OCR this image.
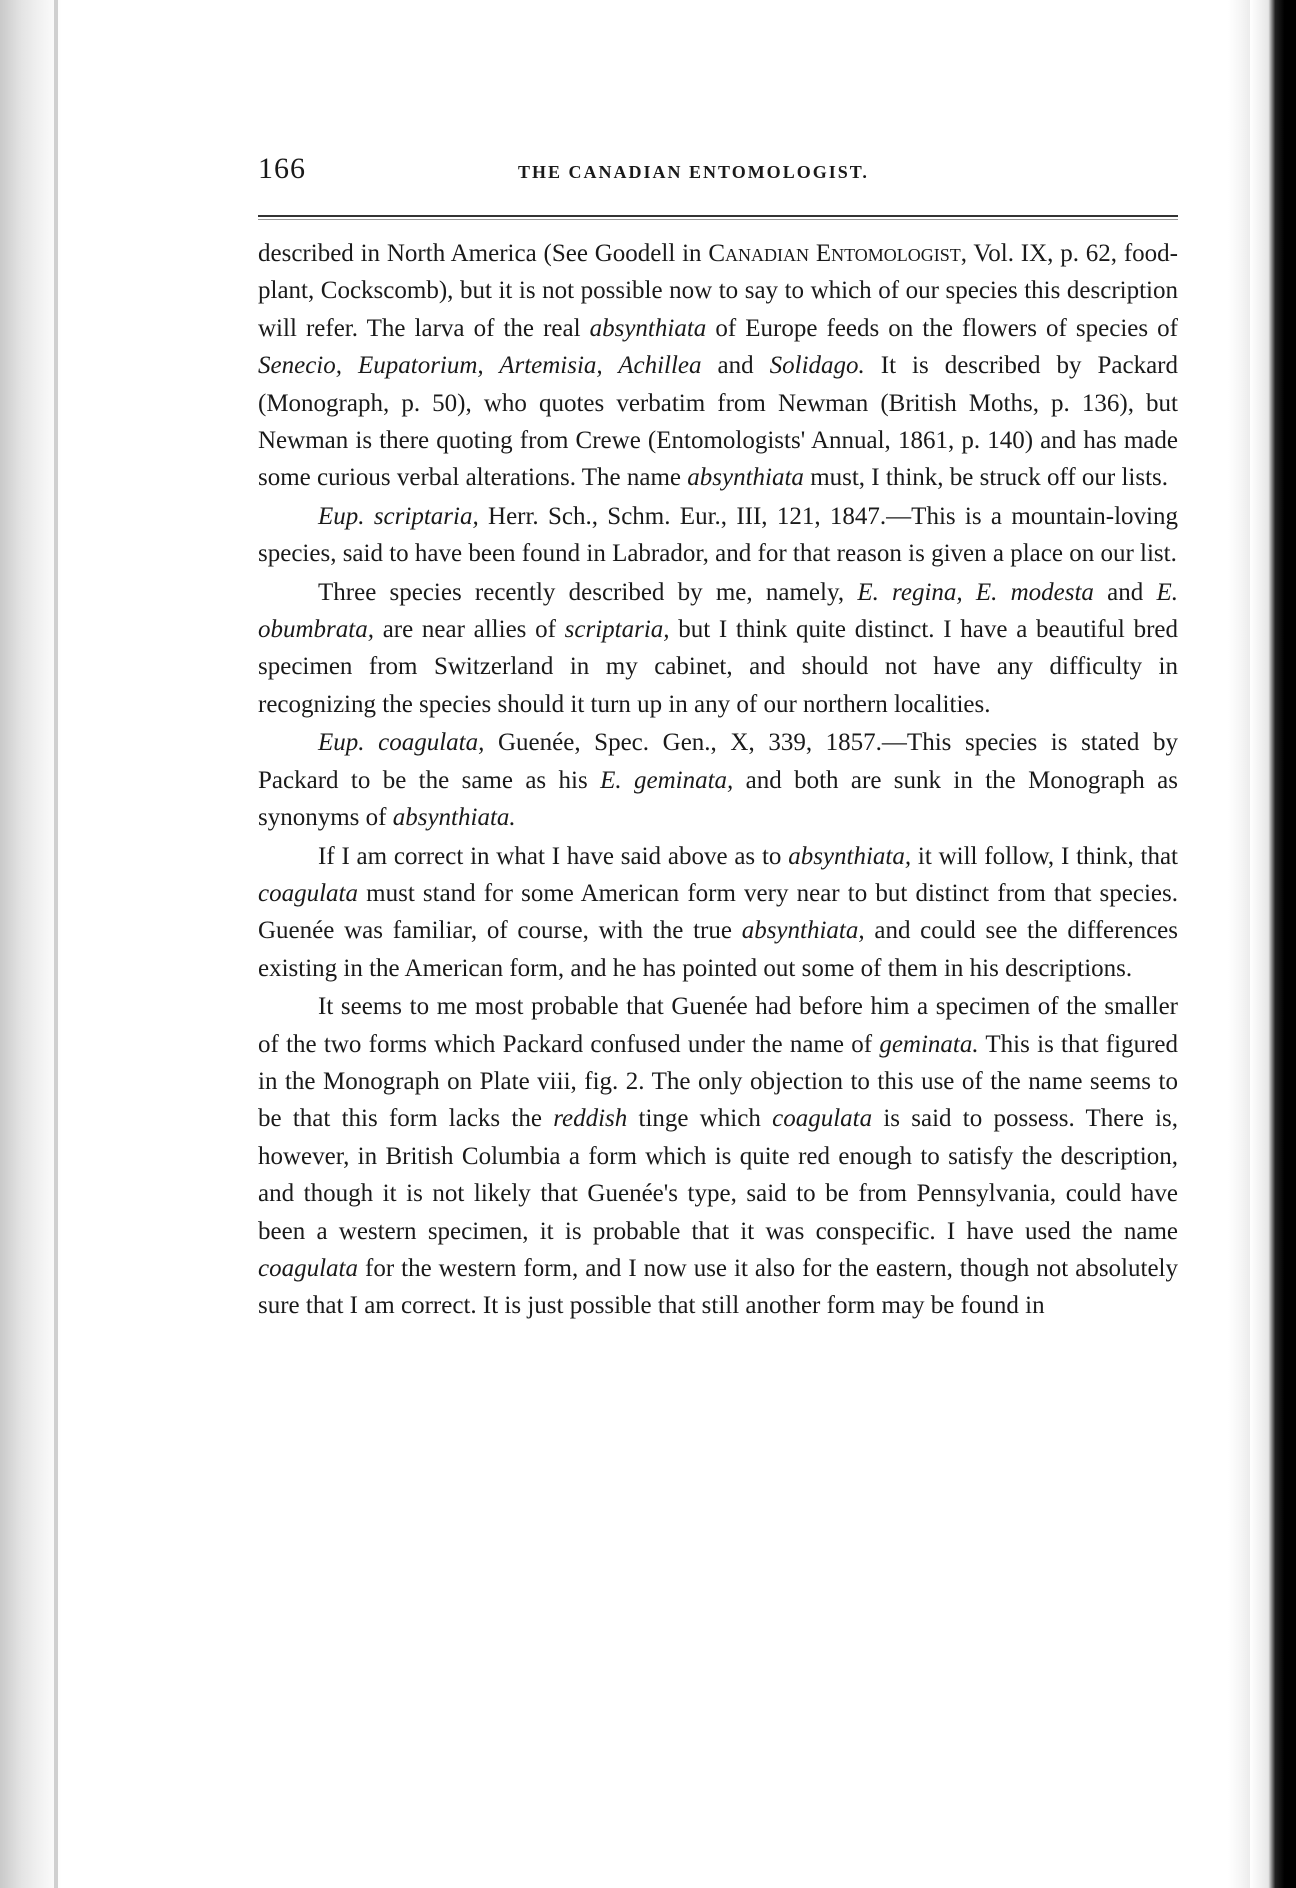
166	THE CANADIAN ENTOMOLOGIST.

described in North America (See Goodell in Canadian Entomologist, Vol. IX, p. 62, food-plant, Cockscomb), but it is not possible now to say to which of our species this description will refer. The larva of the real absynthiata of Europe feeds on the flowers of species of Senecio, Eupatorium, Artemisia, Achillea and Solidago. It is described by Packard (Monograph, p. 50), who quotes verbatim from Newman (British Moths, p. 136), but Newman is there quoting from Crewe (Entomologists' Annual, 1861, p. 140) and has made some curious verbal alterations. The name absynthiata must, I think, be struck off our lists.

Eup. scriptaria, Herr. Sch., Schm. Eur., III, 121, 1847.—This is a mountain-loving species, said to have been found in Labrador, and for that reason is given a place on our list.

Three species recently described by me, namely, E. regina, E. modesta and E. obumbrata, are near allies of scriptaria, but I think quite distinct. I have a beautiful bred specimen from Switzerland in my cabinet, and should not have any difficulty in recognizing the species should it turn up in any of our northern localities.

Eup. coagulata, Guenée, Spec. Gen., X, 339, 1857.—This species is stated by Packard to be the same as his E. geminata, and both are sunk in the Monograph as synonyms of absynthiata.

If I am correct in what I have said above as to absynthiata, it will follow, I think, that coagulata must stand for some American form very near to but distinct from that species. Guenée was familiar, of course, with the true absynthiata, and could see the differences existing in the American form, and he has pointed out some of them in his descriptions.

It seems to me most probable that Guenée had before him a specimen of the smaller of the two forms which Packard confused under the name of geminata. This is that figured in the Monograph on Plate viii, fig. 2. The only objection to this use of the name seems to be that this form lacks the reddish tinge which coagulata is said to possess. There is, however, in British Columbia a form which is quite red enough to satisfy the description, and though it is not likely that Guenée's type, said to be from Pennsylvania, could have been a western specimen, it is probable that it was conspecific. I have used the name coagulata for the western form, and I now use it also for the eastern, though not absolutely sure that I am correct. It is just possible that still another form may be found in
